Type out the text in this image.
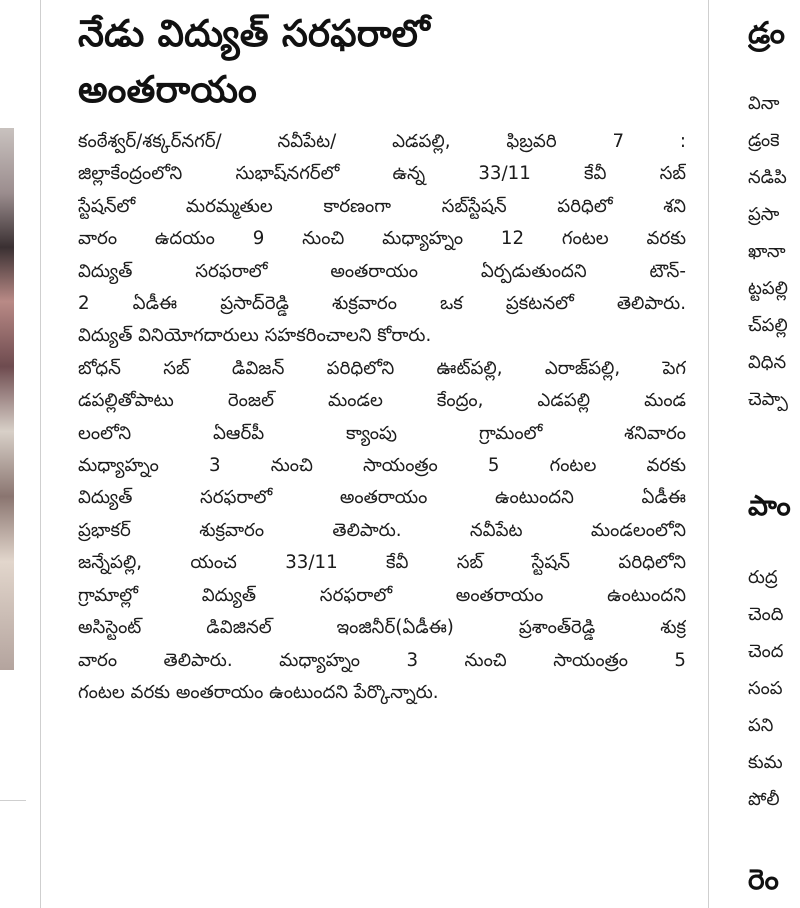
నేడు విద్యుత్ సరఫరాలో
అంతరాయం
కంఠేశ్వర్/శక్కర్‌నగర్/ నవీపేట/ ఎడపల్లి, ఫిబ్రవరి 7 :
జిల్లాకేంద్రంలోని సుభాష్‌నగర్‌లో ఉన్న 33/11 కేవీ సబ్
స్టేషన్‌లో మరమ్మతుల కారణంగా సబ్‌స్టేషన్ పరిధిలో శని
వారం ఉదయం 9 నుంచి మధ్యాహ్నం 12 గంటల వరకు
విద్యుత్ సరఫరాలో అంతరాయం ఏర్పడుతుందని టౌన్-
2 ఏడీఈ ప్రసాద్‌రెడ్డి శుక్రవారం ఒక ప్రకటనలో తెలిపారు.
విద్యుత్ వినియోగదారులు సహకరించాలని కోరారు.
బోధన్ సబ్ డివిజన్ పరిధిలోని ఊట్‌పల్లి, ఎరాజ్‌పల్లి, పెగ
డపల్లితోపాటు రెంజల్ మండల కేంద్రం, ఎడపల్లి మండ
లంలోని ఏఆర్‌పీ క్యాంపు గ్రామంలో శనివారం
మధ్యాహ్నం 3 నుంచి సాయంత్రం 5 గంటల వరకు
విద్యుత్ సరఫరాలో అంతరాయం ఉంటుందని ఏడీఈ
ప్రభాకర్ శుక్రవారం తెలిపారు. నవీపేట మండలంలోని
జన్నేపల్లి, యంచ 33/11 కేవీ సబ్ స్టేషన్ పరిధిలోని
గ్రామాల్లో విద్యుత్ సరఫరాలో అంతరాయం ఉంటుందని
అసిస్టెంట్ డివిజినల్ ఇంజినీర్(ఏడీఈ) ప్రశాంత్‌రెడ్డి శుక్ర
వారం తెలిపారు. మధ్యాహ్నం 3 నుంచి సాయంత్రం 5
గంటల వరకు అంతరాయం ఉంటుందని పేర్కొన్నారు.
డ్రం
వినా
డ్రంకె
నడిపి
ప్రసా
ఖానా
ట్టపల్లి
చ్‌పల్లి
విధిన
చెప్పా
పాం
రుద్ర
చెంది
చెంద
సంప
పని
కుమ
పోలీ
రెం
